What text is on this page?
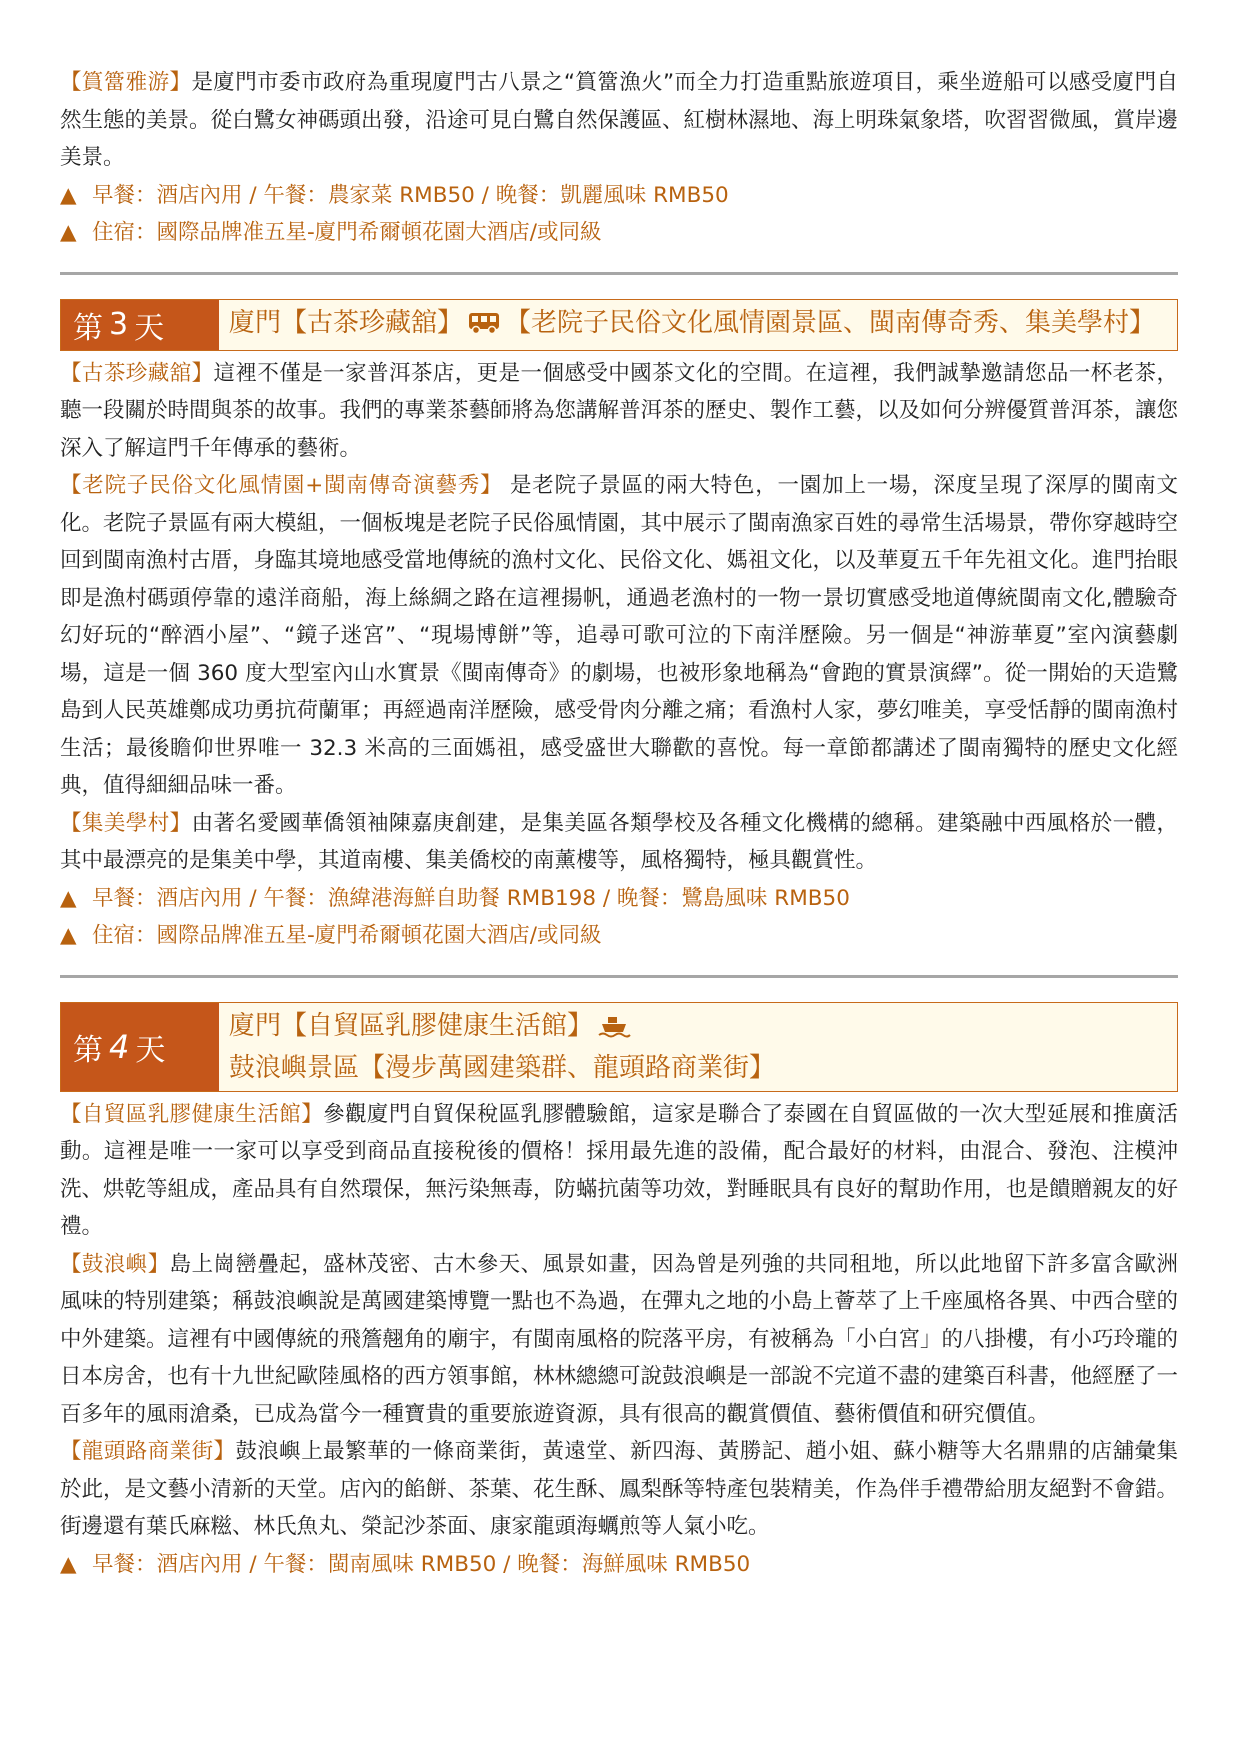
【篔簹雅游】是廈門市委市政府為重現廈門古八景之“篔簹漁火”而全力打造重點旅遊項目，乘坐遊船可以感受廈門自然生態的美景。從白鷺女神碼頭出發，沿途可見白鷺自然保護區、紅樹林濕地、海上明珠氣象塔，吹習習微風，賞岸邊美景。

▲ 早餐：酒店內用 / 午餐：農家菜 RMB50 / 晚餐：凱麗風味 RMB50

▲ 住宿：國際品牌准五星-廈門希爾頓花園大酒店/或同級

第 3 天	廈門【古茶珍藏舘】 【老院子民俗文化風情園景區、閩南傳奇秀、集美學村】

【古茶珍藏舘】這裡不僅是一家普洱茶店，更是一個感受中國茶文化的空間。在這裡，我們誠摯邀請您品一杯老茶，聽一段關於時間與茶的故事。我們的專業茶藝師將為您講解普洱茶的歷史、製作工藝，以及如何分辨優質普洱茶，讓您深入了解這門千年傳承的藝術。

【老院子民俗文化風情園+閩南傳奇演藝秀】 是老院子景區的兩大特色，一園加上一場，深度呈現了深厚的閩南文化。老院子景區有兩大模組，一個板塊是老院子民俗風情園，其中展示了閩南漁家百姓的尋常生活場景，帶你穿越時空回到閩南漁村古厝，身臨其境地感受當地傳統的漁村文化、民俗文化、媽祖文化，以及華夏五千年先祖文化。進門抬眼即是漁村碼頭停靠的遠洋商船，海上絲綢之路在這裡揚帆，通過老漁村的一物一景切實感受地道傳統閩南文化,體驗奇幻好玩的“醉酒小屋”、“鏡子迷宮”、“現場博餅”等，追尋可歌可泣的下南洋歷險。另一個是“神游華夏”室內演藝劇場，這是一個 360 度大型室內山水實景《閩南傳奇》的劇場，也被形象地稱為“會跑的實景演繹”。從一開始的天造鷺島到人民英雄鄭成功勇抗荷蘭軍；再經過南洋歷險，感受骨肉分離之痛；看漁村人家，夢幻唯美，享受恬靜的閩南漁村生活；最後瞻仰世界唯一 32.3 米高的三面媽祖，感受盛世大聯歡的喜悅。每一章節都講述了閩南獨特的歷史文化經典，值得細細品味一番。

【集美學村】由著名愛國華僑領袖陳嘉庚創建，是集美區各類學校及各種文化機構的總稱。建築融中西風格於一體，其中最漂亮的是集美中學，其道南樓、集美僑校的南薰樓等，風格獨特，極具觀賞性。

▲ 早餐：酒店內用 / 午餐：漁緯港海鮮自助餐 RMB198 / 晚餐：鷺島風味 RMB50

▲ 住宿：國際品牌准五星-廈門希爾頓花園大酒店/或同級

第 4 天
廈門【自貿區乳膠健康生活館】鼓浪嶼景區【漫步萬國建築群、龍頭路商業街】

【自貿區乳膠健康生活館】參觀廈門自貿保稅區乳膠體驗館，這家是聯合了泰國在自貿區做的一次大型延展和推廣活動。這裡是唯一一家可以享受到商品直接稅後的價格！採用最先進的設備，配合最好的材料，由混合、發泡、注模沖洗、烘乾等組成，產品具有自然環保，無污染無毒，防蟎抗菌等功效，對睡眠具有良好的幫助作用，也是饋贈親友的好禮。

【鼓浪嶼】島上崗巒疊起，盛林茂密、古木參天、風景如畫，因為曾是列強的共同租地，所以此地留下許多富含歐洲風味的特別建築；稱鼓浪嶼說是萬國建築博覽一點也不為過，在彈丸之地的小島上薈萃了上千座風格各異、中西合壁的中外建築。這裡有中國傳統的飛簷翹角的廟宇，有閩南風格的院落平房，有被稱為「小白宮」的八掛樓，有小巧玲瓏的日本房舍，也有十九世紀歐陸風格的西方領事館，林林總總可說鼓浪嶼是一部說不完道不盡的建築百科書，他經歷了一百多年的風雨滄桑，已成為當今一種寶貴的重要旅遊資源，具有很高的觀賞價值、藝術價值和研究價值。

【龍頭路商業街】鼓浪嶼上最繁華的一條商業街，黃遠堂、新四海、黃勝記、趙小姐、蘇小糖等大名鼎鼎的店舖彙集於此，是文藝小清新的天堂。店內的餡餅、茶葉、花生酥、鳳梨酥等特產包裝精美，作為伴手禮帶給朋友絕對不會錯。街邊還有葉氏麻糍、林氏魚丸、榮記沙茶面、康家龍頭海蠣煎等人氣小吃。

▲ 早餐：酒店內用 / 午餐：閩南風味 RMB50 / 晚餐：海鮮風味 RMB50
